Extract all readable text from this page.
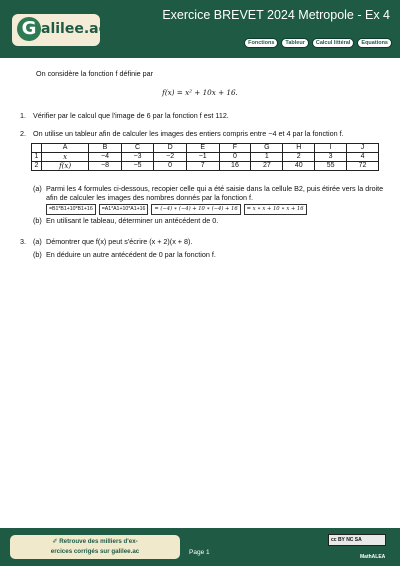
G alilee.ac
Exercice BREVET 2024 Metropole - Ex 4
Fonctions	Tableur	Calcul littéral	Equations
On considère la fonction f définie par
f(x) = x² + 10x + 16.
1. Vérifier par le calcul que l'image de 6 par la fonction f est 112.
2. On utilise un tableur afin de calculer les images des entiers compris entre −4 et 4 par la fonction f.
	A	B	C	D	E	F	G	H	I	J
1	x	−4	−3	−2	−1	0	1	2	3	4
2	f(x)	−8	−5	0	7	16	27	40	55	72
(a) Parmi les 4 formules ci-dessous, recopier celle qui a été saisie dans la cellule B2, puis étirée vers la droite afin de calculer les images des nombres donnés par la fonction f.
=B1*B1+10*B1+16	=A1*A1+10*A1+16	= (−4) ∗ (−4) + 10 ∗ (−4) + 16	= x ∗ x + 10 ∗ x + 16
(b) En utilisant le tableau, déterminer un antécédent de 0.
3. (a) Démontrer que f(x) peut s'écrire (x + 2)(x + 8).
(b) En déduire un autre antécédent de 0 par la fonction f.
✐ Retrouve des milliers d'ex-
ercices corrigés sur galilee.ac	Page 1
cc BY NC SA
MathALEA
